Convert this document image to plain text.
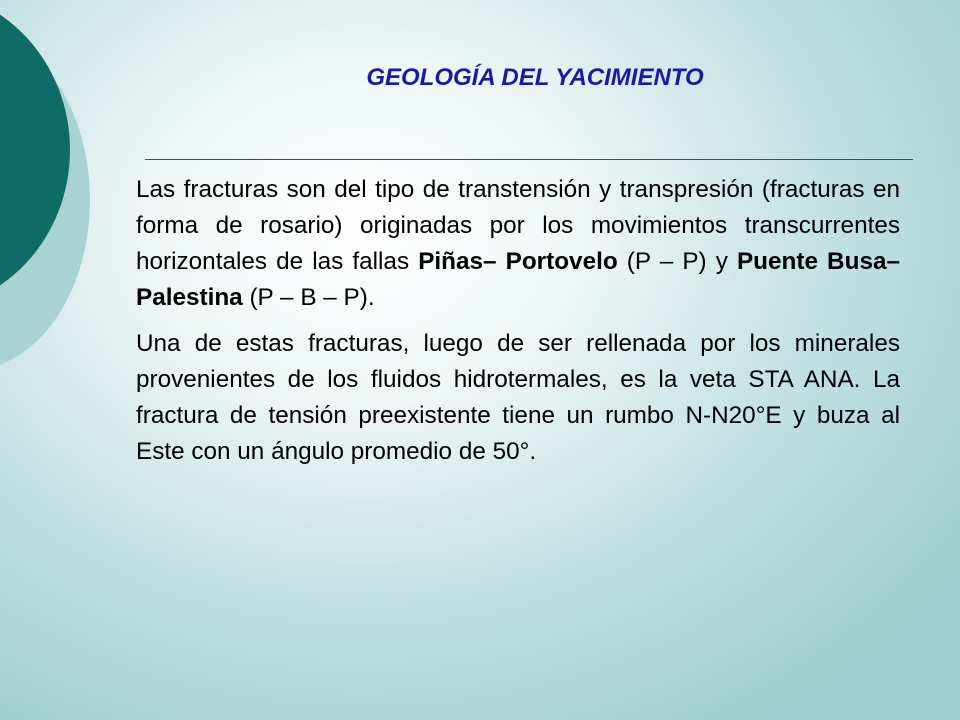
GEOLOGÍA DEL YACIMIENTO

Las fracturas son del tipo de transtensión y transpresión (fracturas en forma de rosario) originadas por los movimientos transcurrentes horizontales de las fallas Piñas– Portovelo (P – P) y Puente Busa– Palestina (P – B – P).

Una de estas fracturas, luego de ser rellenada por los minerales provenientes de los fluidos hidrotermales, es la veta STA ANA. La fractura de tensión preexistente tiene un rumbo N-N20°E y buza al Este con un ángulo promedio de 50°.
